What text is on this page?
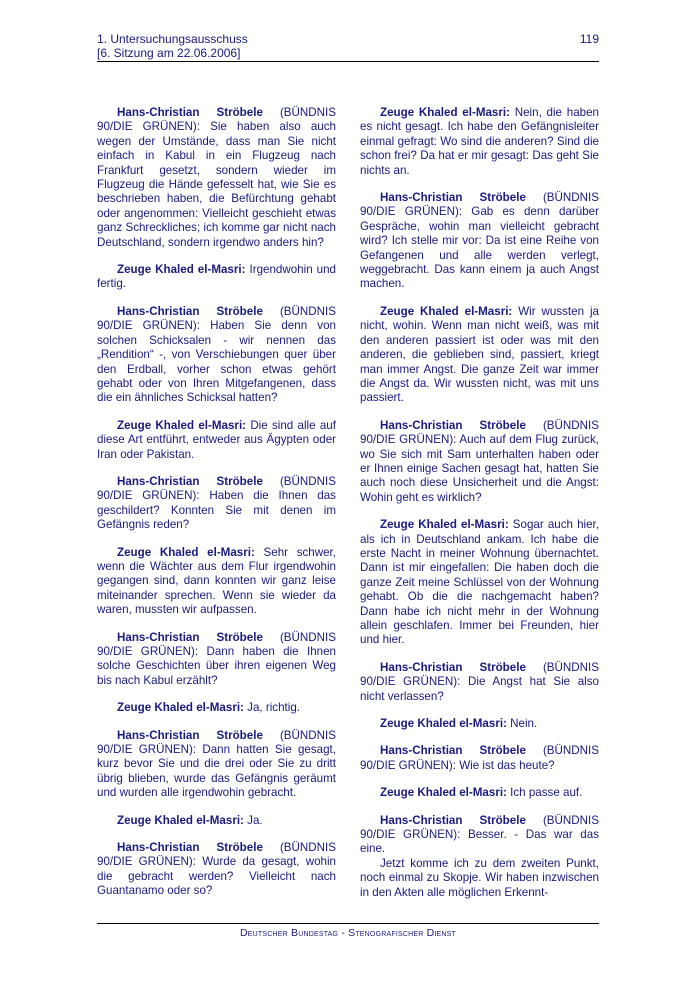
1. Untersuchungsausschuss
[6. Sitzung am 22.06.2006]
119

Hans-Christian Ströbele (BÜNDNIS 90/DIE GRÜNEN): Sie haben also auch wegen der Umstände, dass man Sie nicht einfach in Kabul in ein Flugzeug nach Frankfurt gesetzt, sondern wieder im Flugzeug die Hände gefesselt hat, wie Sie es beschrieben haben, die Befürchtung gehabt oder angenommen: Vielleicht geschieht etwas ganz Schreckliches; ich komme gar nicht nach Deutschland, sondern irgendwo anders hin?

Zeuge Khaled el-Masri: Irgendwohin und fertig.

Hans-Christian Ströbele (BÜNDNIS 90/DIE GRÜNEN): Haben Sie denn von solchen Schicksalen - wir nennen das „Rendition“ -, von Verschiebungen quer über den Erdball, vorher schon etwas gehört gehabt oder von Ihren Mitgefangenen, dass die ein ähnliches Schicksal hatten?

Zeuge Khaled el-Masri: Die sind alle auf diese Art entführt, entweder aus Ägypten oder Iran oder Pakistan.

Hans-Christian Ströbele (BÜNDNIS 90/DIE GRÜNEN): Haben die Ihnen das geschildert? Konnten Sie mit denen im Gefängnis reden?

Zeuge Khaled el-Masri: Sehr schwer, wenn die Wächter aus dem Flur irgendwohin gegangen sind, dann konnten wir ganz leise miteinander sprechen. Wenn sie wieder da waren, mussten wir aufpassen.

Hans-Christian Ströbele (BÜNDNIS 90/DIE GRÜNEN): Dann haben die Ihnen solche Geschichten über ihren eigenen Weg bis nach Kabul erzählt?

Zeuge Khaled el-Masri: Ja, richtig.

Hans-Christian Ströbele (BÜNDNIS 90/DIE GRÜNEN): Dann hatten Sie gesagt, kurz bevor Sie und die drei oder Sie zu dritt übrig blieben, wurde das Gefängnis geräumt und wurden alle irgendwohin gebracht.

Zeuge Khaled el-Masri: Ja.

Hans-Christian Ströbele (BÜNDNIS 90/DIE GRÜNEN): Wurde da gesagt, wohin die gebracht werden? Vielleicht nach Guantanamo oder so?

Zeuge Khaled el-Masri: Nein, die haben es nicht gesagt. Ich habe den Gefängnisleiter einmal gefragt: Wo sind die anderen? Sind die schon frei? Da hat er mir gesagt: Das geht Sie nichts an.

Hans-Christian Ströbele (BÜNDNIS 90/DIE GRÜNEN): Gab es denn darüber Gespräche, wohin man vielleicht gebracht wird? Ich stelle mir vor: Da ist eine Reihe von Gefangenen und alle werden verlegt, weggebracht. Das kann einem ja auch Angst machen.

Zeuge Khaled el-Masri: Wir wussten ja nicht, wohin. Wenn man nicht weiß, was mit den anderen passiert ist oder was mit den anderen, die geblieben sind, passiert, kriegt man immer Angst. Die ganze Zeit war immer die Angst da. Wir wussten nicht, was mit uns passiert.

Hans-Christian Ströbele (BÜNDNIS 90/DIE GRÜNEN): Auch auf dem Flug zurück, wo Sie sich mit Sam unterhalten haben oder er Ihnen einige Sachen gesagt hat, hatten Sie auch noch diese Unsicherheit und die Angst: Wohin geht es wirklich?

Zeuge Khaled el-Masri: Sogar auch hier, als ich in Deutschland ankam. Ich habe die erste Nacht in meiner Wohnung übernachtet. Dann ist mir eingefallen: Die haben doch die ganze Zeit meine Schlüssel von der Wohnung gehabt. Ob die die nachgemacht haben? Dann habe ich nicht mehr in der Wohnung allein geschlafen. Immer bei Freunden, hier und hier.

Hans-Christian Ströbele (BÜNDNIS 90/DIE GRÜNEN): Die Angst hat Sie also nicht verlassen?

Zeuge Khaled el-Masri: Nein.

Hans-Christian Ströbele (BÜNDNIS 90/DIE GRÜNEN): Wie ist das heute?

Zeuge Khaled el-Masri: Ich passe auf.

Hans-Christian Ströbele (BÜNDNIS 90/DIE GRÜNEN): Besser. - Das war das eine.

Jetzt komme ich zu dem zweiten Punkt, noch einmal zu Skopje. Wir haben inzwischen in den Akten alle möglichen Erkennt-

Deutscher Bundestag - Stenografischer Dienst
